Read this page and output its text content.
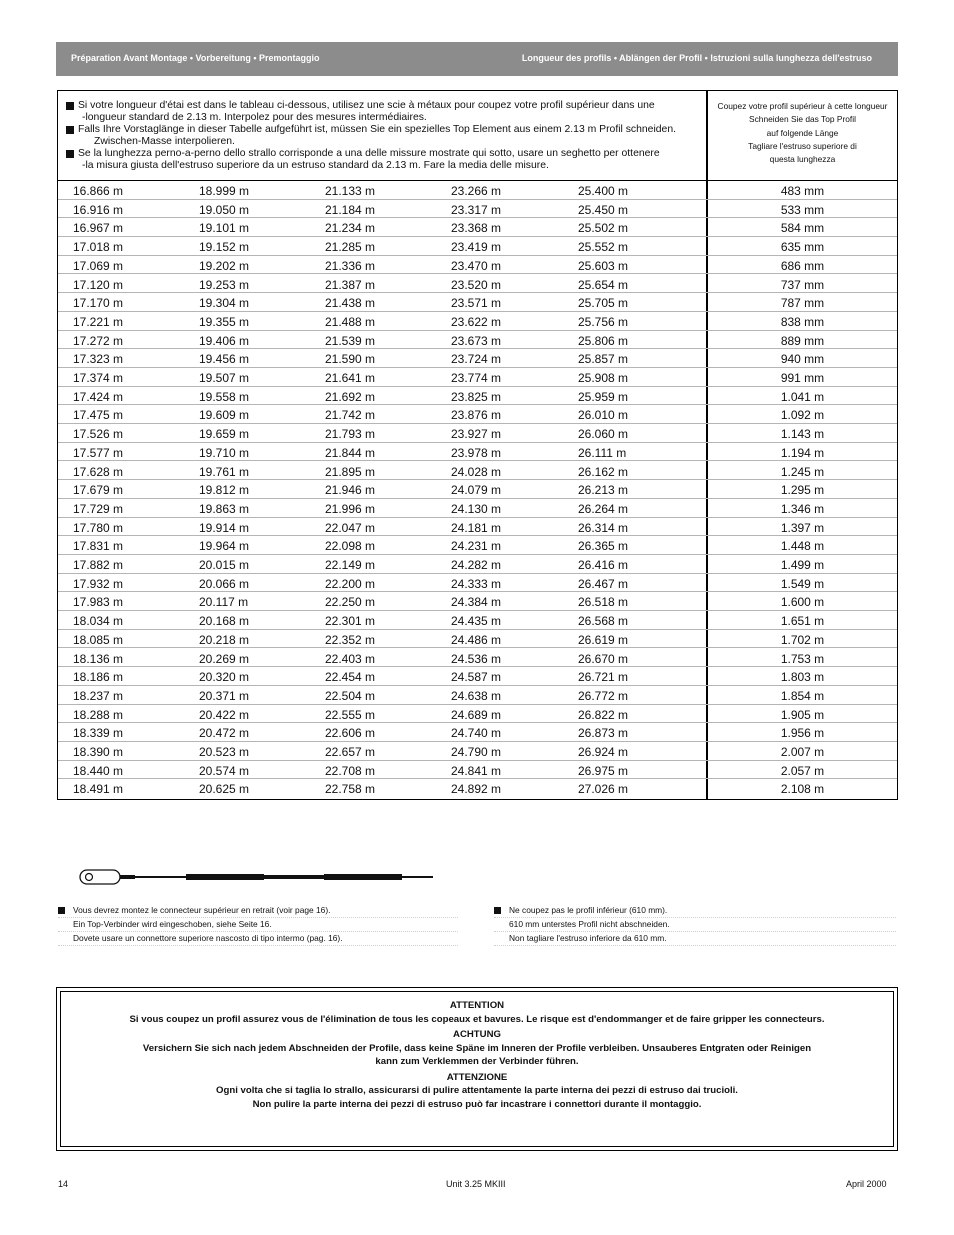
Préparation Avant Montage • Vorbereitung • Premontaggio	Longueur des profils • Ablängen der Profil • Istruzioni sulla lunghezza dell'estruso

Si votre longueur d'étai est dans le tableau ci-dessous, utilisez une scie à métaux pour coupez votre profil supérieur dans une
-longueur standard de 2.13 m. Interpolez pour des mesures intermédiaires.

Falls Ihre Vorstaglänge in dieser Tabelle aufgeführt ist, müssen Sie ein spezielles Top Element aus einem 2.13 m Profil schneiden.
Zwischen-Masse interpolieren.

Se la lunghezza perno-a-perno dello strallo corrisponde a una delle missure mostrate qui sotto, usare un seghetto per ottenere
-la misura giusta dell'estruso superiore da un estruso standard da 2.13 m. Fare la media delle misure.

Coupez votre profil supérieur à cette longueur
Schneiden Sie das Top Profil
auf folgende Länge
Tagliare l'estruso superiore di
questa lunghezza
16.866 m	18.999 m	21.133 m	23.266 m	25.400 m	483 mm
16.916 m	19.050 m	21.184 m	23.317 m	25.450 m	533 mm
16.967 m	19.101 m	21.234 m	23.368 m	25.502 m	584 mm
17.018 m	19.152 m	21.285 m	23.419 m	25.552 m	635 mm
17.069 m	19.202 m	21.336 m	23.470 m	25.603 m	686 mm
17.120 m	19.253 m	21.387 m	23.520 m	25.654 m	737 mm
17.170 m	19.304 m	21.438 m	23.571 m	25.705 m	787 mm
17.221 m	19.355 m	21.488 m	23.622 m	25.756 m	838 mm
17.272 m	19.406 m	21.539 m	23.673 m	25.806 m	889 mm
17.323 m	19.456 m	21.590 m	23.724 m	25.857 m	940 mm
17.374 m	19.507 m	21.641 m	23.774 m	25.908 m	991 mm
17.424 m	19.558 m	21.692 m	23.825 m	25.959 m	1.041 m
17.475 m	19.609 m	21.742 m	23.876 m	26.010 m	1.092 m
17.526 m	19.659 m	21.793 m	23.927 m	26.060 m	1.143 m
17.577 m	19.710 m	21.844 m	23.978 m	26.111 m	1.194 m
17.628 m	19.761 m	21.895 m	24.028 m	26.162 m	1.245 m
17.679 m	19.812 m	21.946 m	24.079 m	26.213 m	1.295 m
17.729 m	19.863 m	21.996 m	24.130 m	26.264 m	1.346 m
17.780 m	19.914 m	22.047 m	24.181 m	26.314 m	1.397 m
17.831 m	19.964 m	22.098 m	24.231 m	26.365 m	1.448 m
17.882 m	20.015 m	22.149 m	24.282 m	26.416 m	1.499 m
17.932 m	20.066 m	22.200 m	24.333 m	26.467 m	1.549 m
17.983 m	20.117 m	22.250 m	24.384 m	26.518 m	1.600 m
18.034 m	20.168 m	22.301 m	24.435 m	26.568 m	1.651 m
18.085 m	20.218 m	22.352 m	24.486 m	26.619 m	1.702 m
18.136 m	20.269 m	22.403 m	24.536 m	26.670 m	1.753 m
18.186 m	20.320 m	22.454 m	24.587 m	26.721 m	1.803 m
18.237 m	20.371 m	22.504 m	24.638 m	26.772 m	1.854 m
18.288 m	20.422 m	22.555 m	24.689 m	26.822 m	1.905 m
18.339 m	20.472 m	22.606 m	24.740 m	26.873 m	1.956 m
18.390 m	20.523 m	22.657 m	24.790 m	26.924 m	2.007 m
18.440 m	20.574 m	22.708 m	24.841 m	26.975 m	2.057 m
18.491 m	20.625 m	22.758 m	24.892 m	27.026 m	2.108 m
Vous devrez montez le connecteur supérieur en retrait (voir page 16).
Ein Top-Verbinder wird eingeschoben, siehe Seite 16.
Dovete usare un connettore superiore nascosto di tipo intermo (pag. 16).
Ne coupez pas le profil inférieur (610 mm).
610 mm unterstes Profil nicht abschneiden.
Non tagliare l'estruso inferiore da 610 mm.
ATTENTION
Si vous coupez un profil assurez vous de l'élimination de tous les copeaux et bavures. Le risque est d'endommanger et de faire gripper les connecteurs.
ACHTUNG
Versichern Sie sich nach jedem Abschneiden der Profile, dass keine Späne im Inneren der Profile verbleiben. Unsauberes Entgraten oder Reinigen
kann zum Verklemmen der Verbinder führen.
ATTENZIONE
Ogni volta che si taglia lo strallo, assicurarsi di pulire attentamente la parte interna dei pezzi di estruso dai trucioli.
Non pulire la parte interna dei pezzi di estruso può far incastrare i connettori durante il montaggio.
14	Unit 3.25 MKIII	April 2000
